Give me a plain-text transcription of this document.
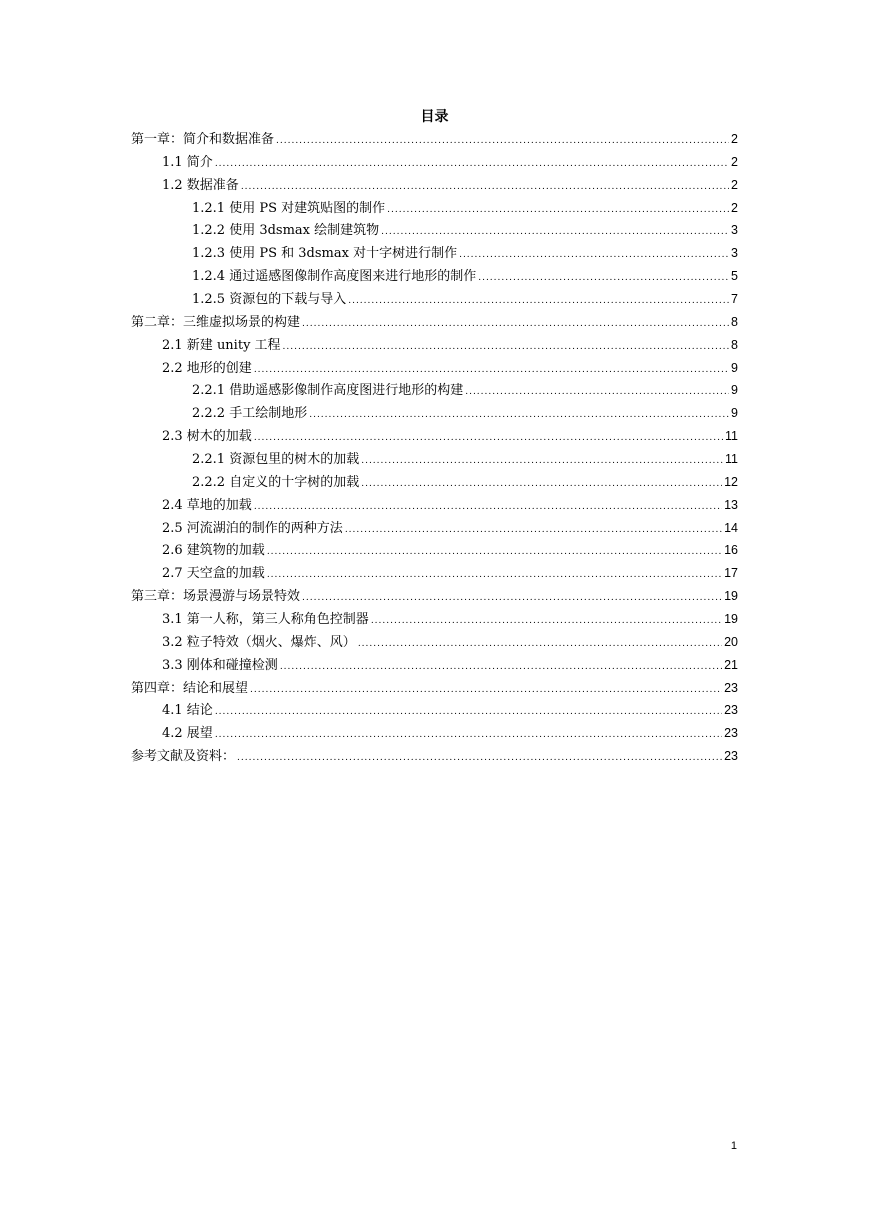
目录
第一章：简介和数据准备 .....	2
1.1 简介 .....	2
1.2 数据准备 .....	2
1.2.1 使用 PS 对建筑贴图的制作 .....	2
1.2.2 使用 3dsmax 绘制建筑物 .....	3
1.2.3 使用 PS 和 3dsmax 对十字树进行制作 .....	3
1.2.4 通过遥感图像制作高度图来进行地形的制作 .....	5
1.2.5 资源包的下载与导入 .....	7
第二章：三维虚拟场景的构建 .....	8
2.1 新建 unity 工程 .....	8
2.2 地形的创建 .....	9
2.2.1 借助遥感影像制作高度图进行地形的构建 .....	9
2.2.2 手工绘制地形 .....	9
2.3 树木的加载 .....	11
2.2.1 资源包里的树木的加载 .....	11
2.2.2 自定义的十字树的加载 .....	12
2.4 草地的加载 .....	13
2.5 河流湖泊的制作的两种方法 .....	14
2.6 建筑物的加载 .....	16
2.7 天空盒的加载 .....	17
第三章：场景漫游与场景特效 .....	19
3.1 第一人称，第三人称角色控制器 .....	19
3.2 粒子特效（烟火、爆炸、风） .....	20
3.3 刚体和碰撞检测 .....	21
第四章：结论和展望 .....	23
4.1 结论 .....	23
4.2 展望 .....	23
参考文献及资料： .....	23
1
